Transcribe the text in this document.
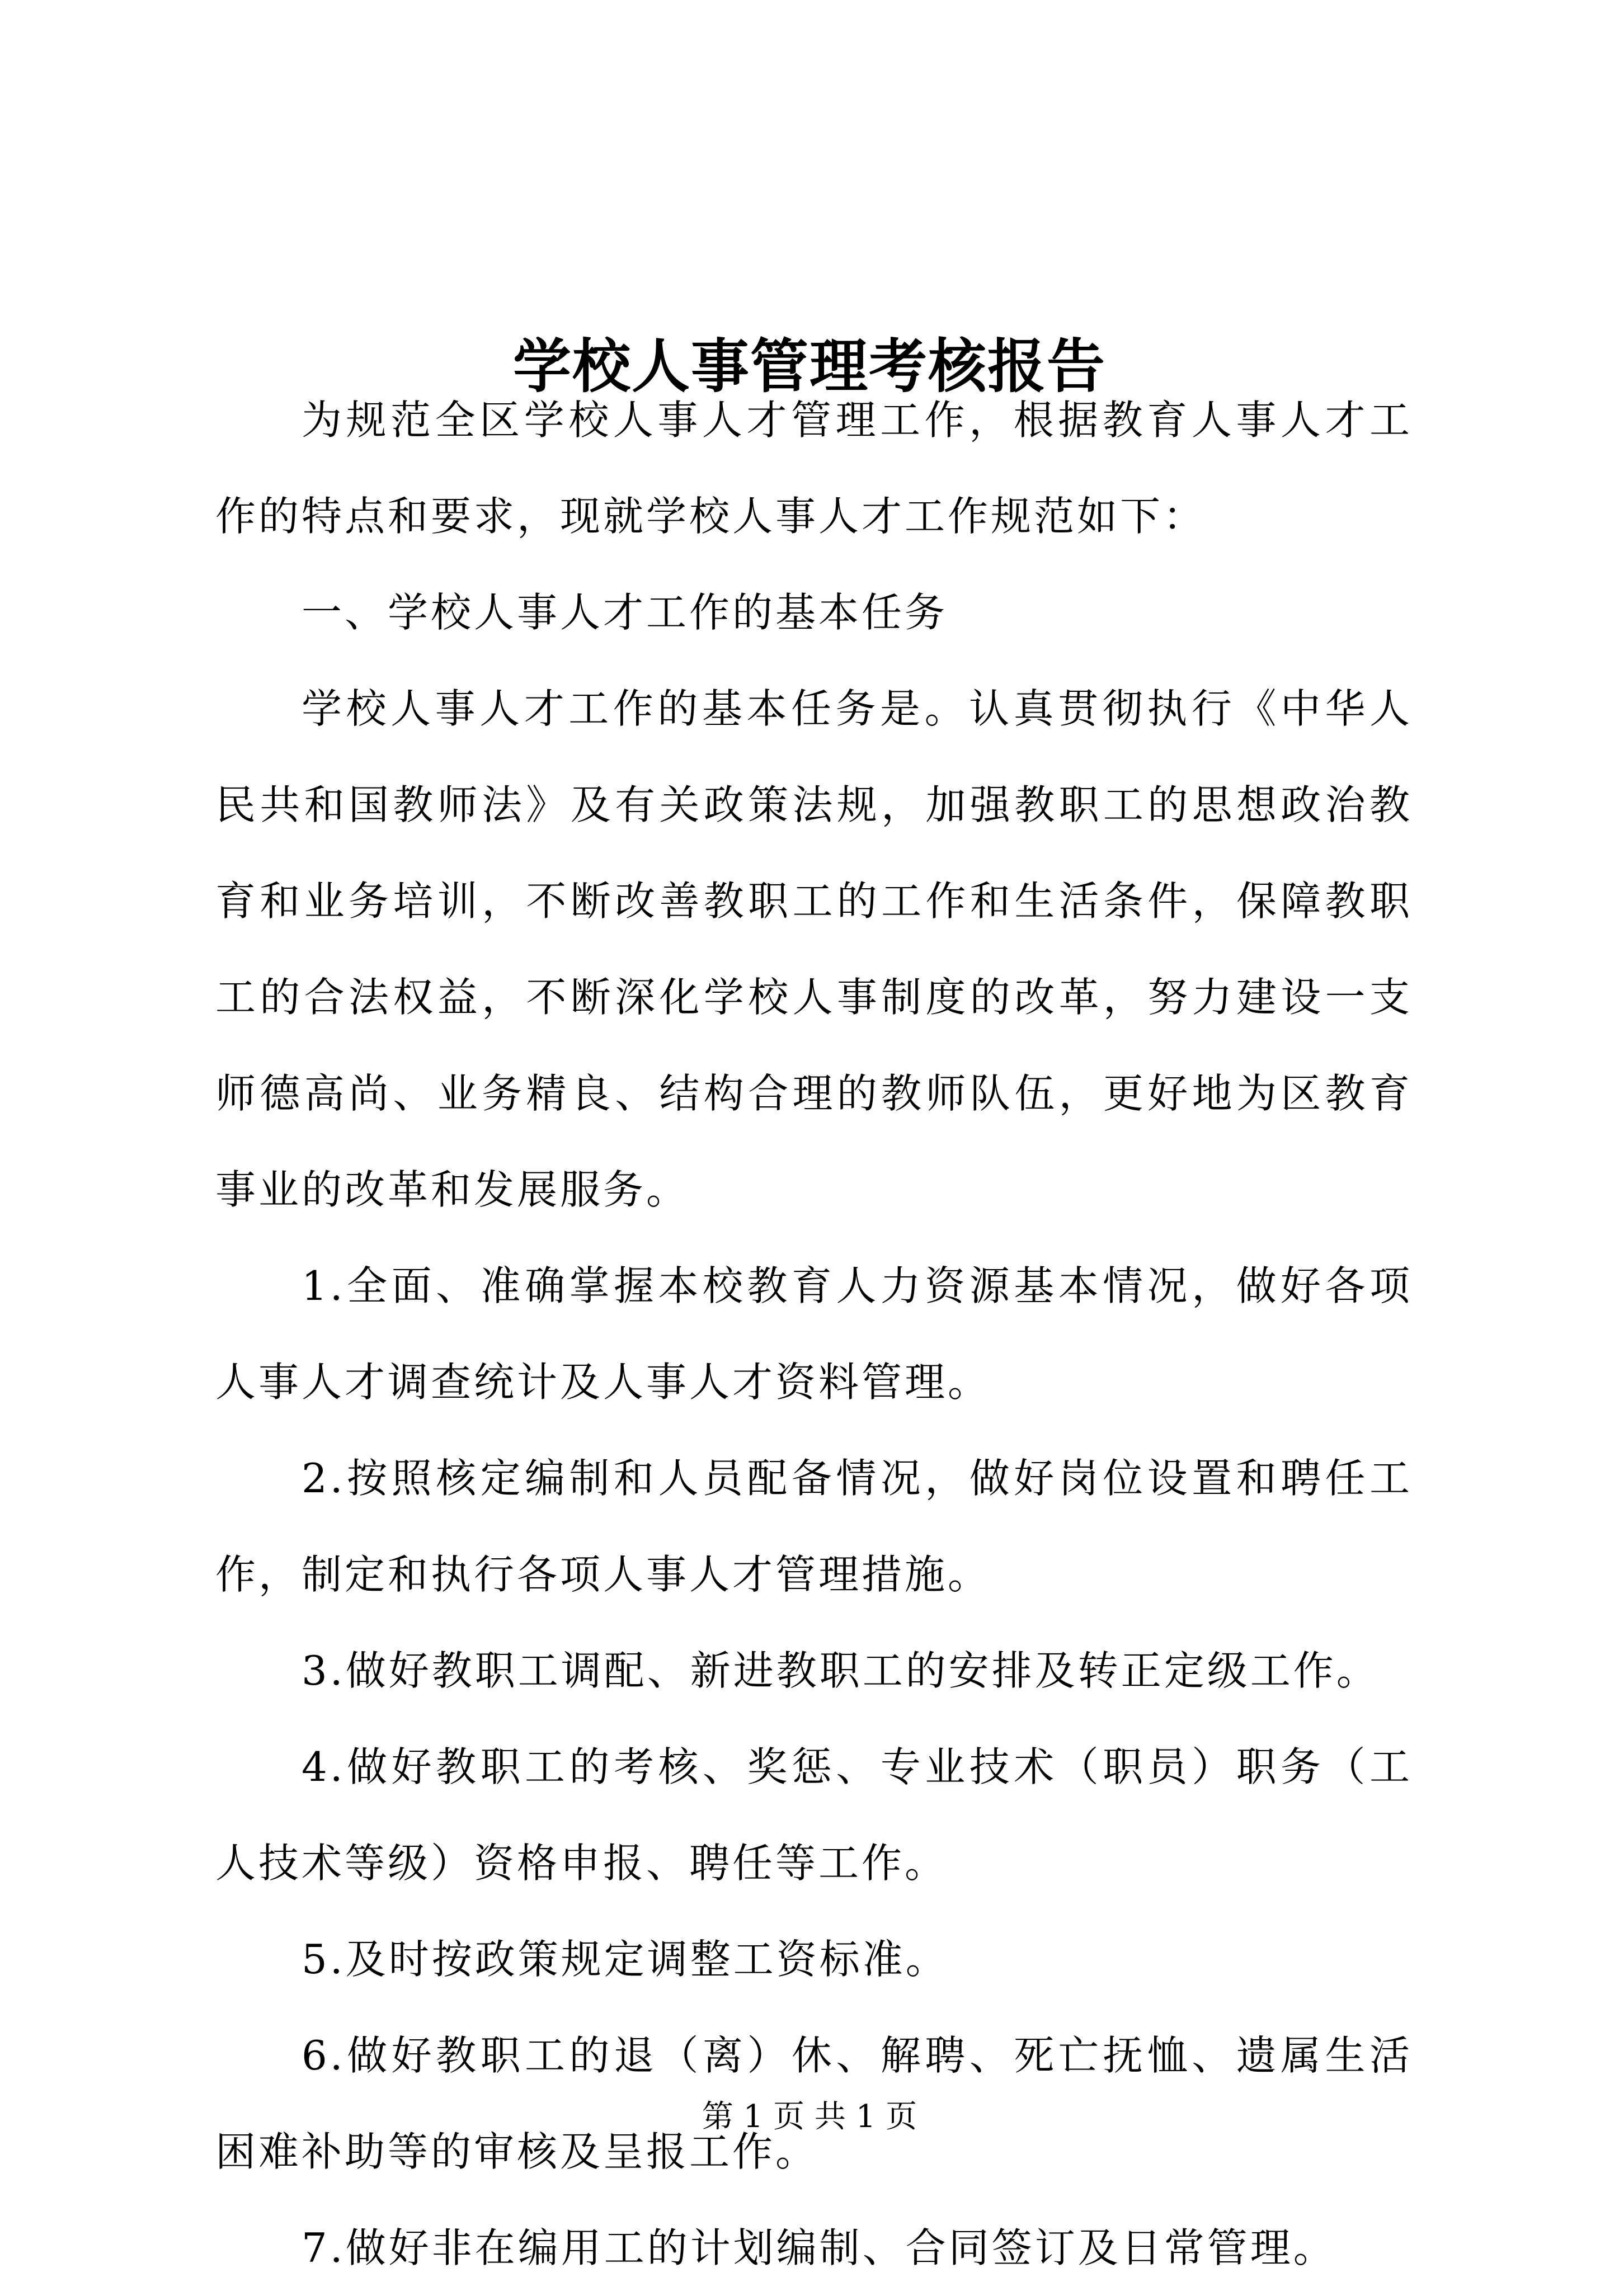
学校人事管理考核报告

为规范全区学校人事人才管理工作，根据教育人事人才工作的特点和要求，现就学校人事人才工作规范如下：

一、学校人事人才工作的基本任务

学校人事人才工作的基本任务是。认真贯彻执行《中华人民共和国教师法》及有关政策法规，加强教职工的思想政治教育和业务培训，不断改善教职工的工作和生活条件，保障教职工的合法权益，不断深化学校人事制度的改革，努力建设一支师德高尚、业务精良、结构合理的教师队伍，更好地为区教育事业的改革和发展服务。

1.全面、准确掌握本校教育人力资源基本情况，做好各项人事人才调查统计及人事人才资料管理。

2.按照核定编制和人员配备情况，做好岗位设置和聘任工作，制定和执行各项人事人才管理措施。

3.做好教职工调配、新进教职工的安排及转正定级工作。

4.做好教职工的考核、奖惩、专业技术（职员）职务（工人技术等级）资格申报、聘任等工作。

5.及时按政策规定调整工资标准。

6.做好教职工的退（离）休、解聘、死亡抚恤、遗属生活困难补助等的审核及呈报工作。

7.做好非在编用工的计划编制、合同签订及日常管理。

第 1 页 共 1 页
